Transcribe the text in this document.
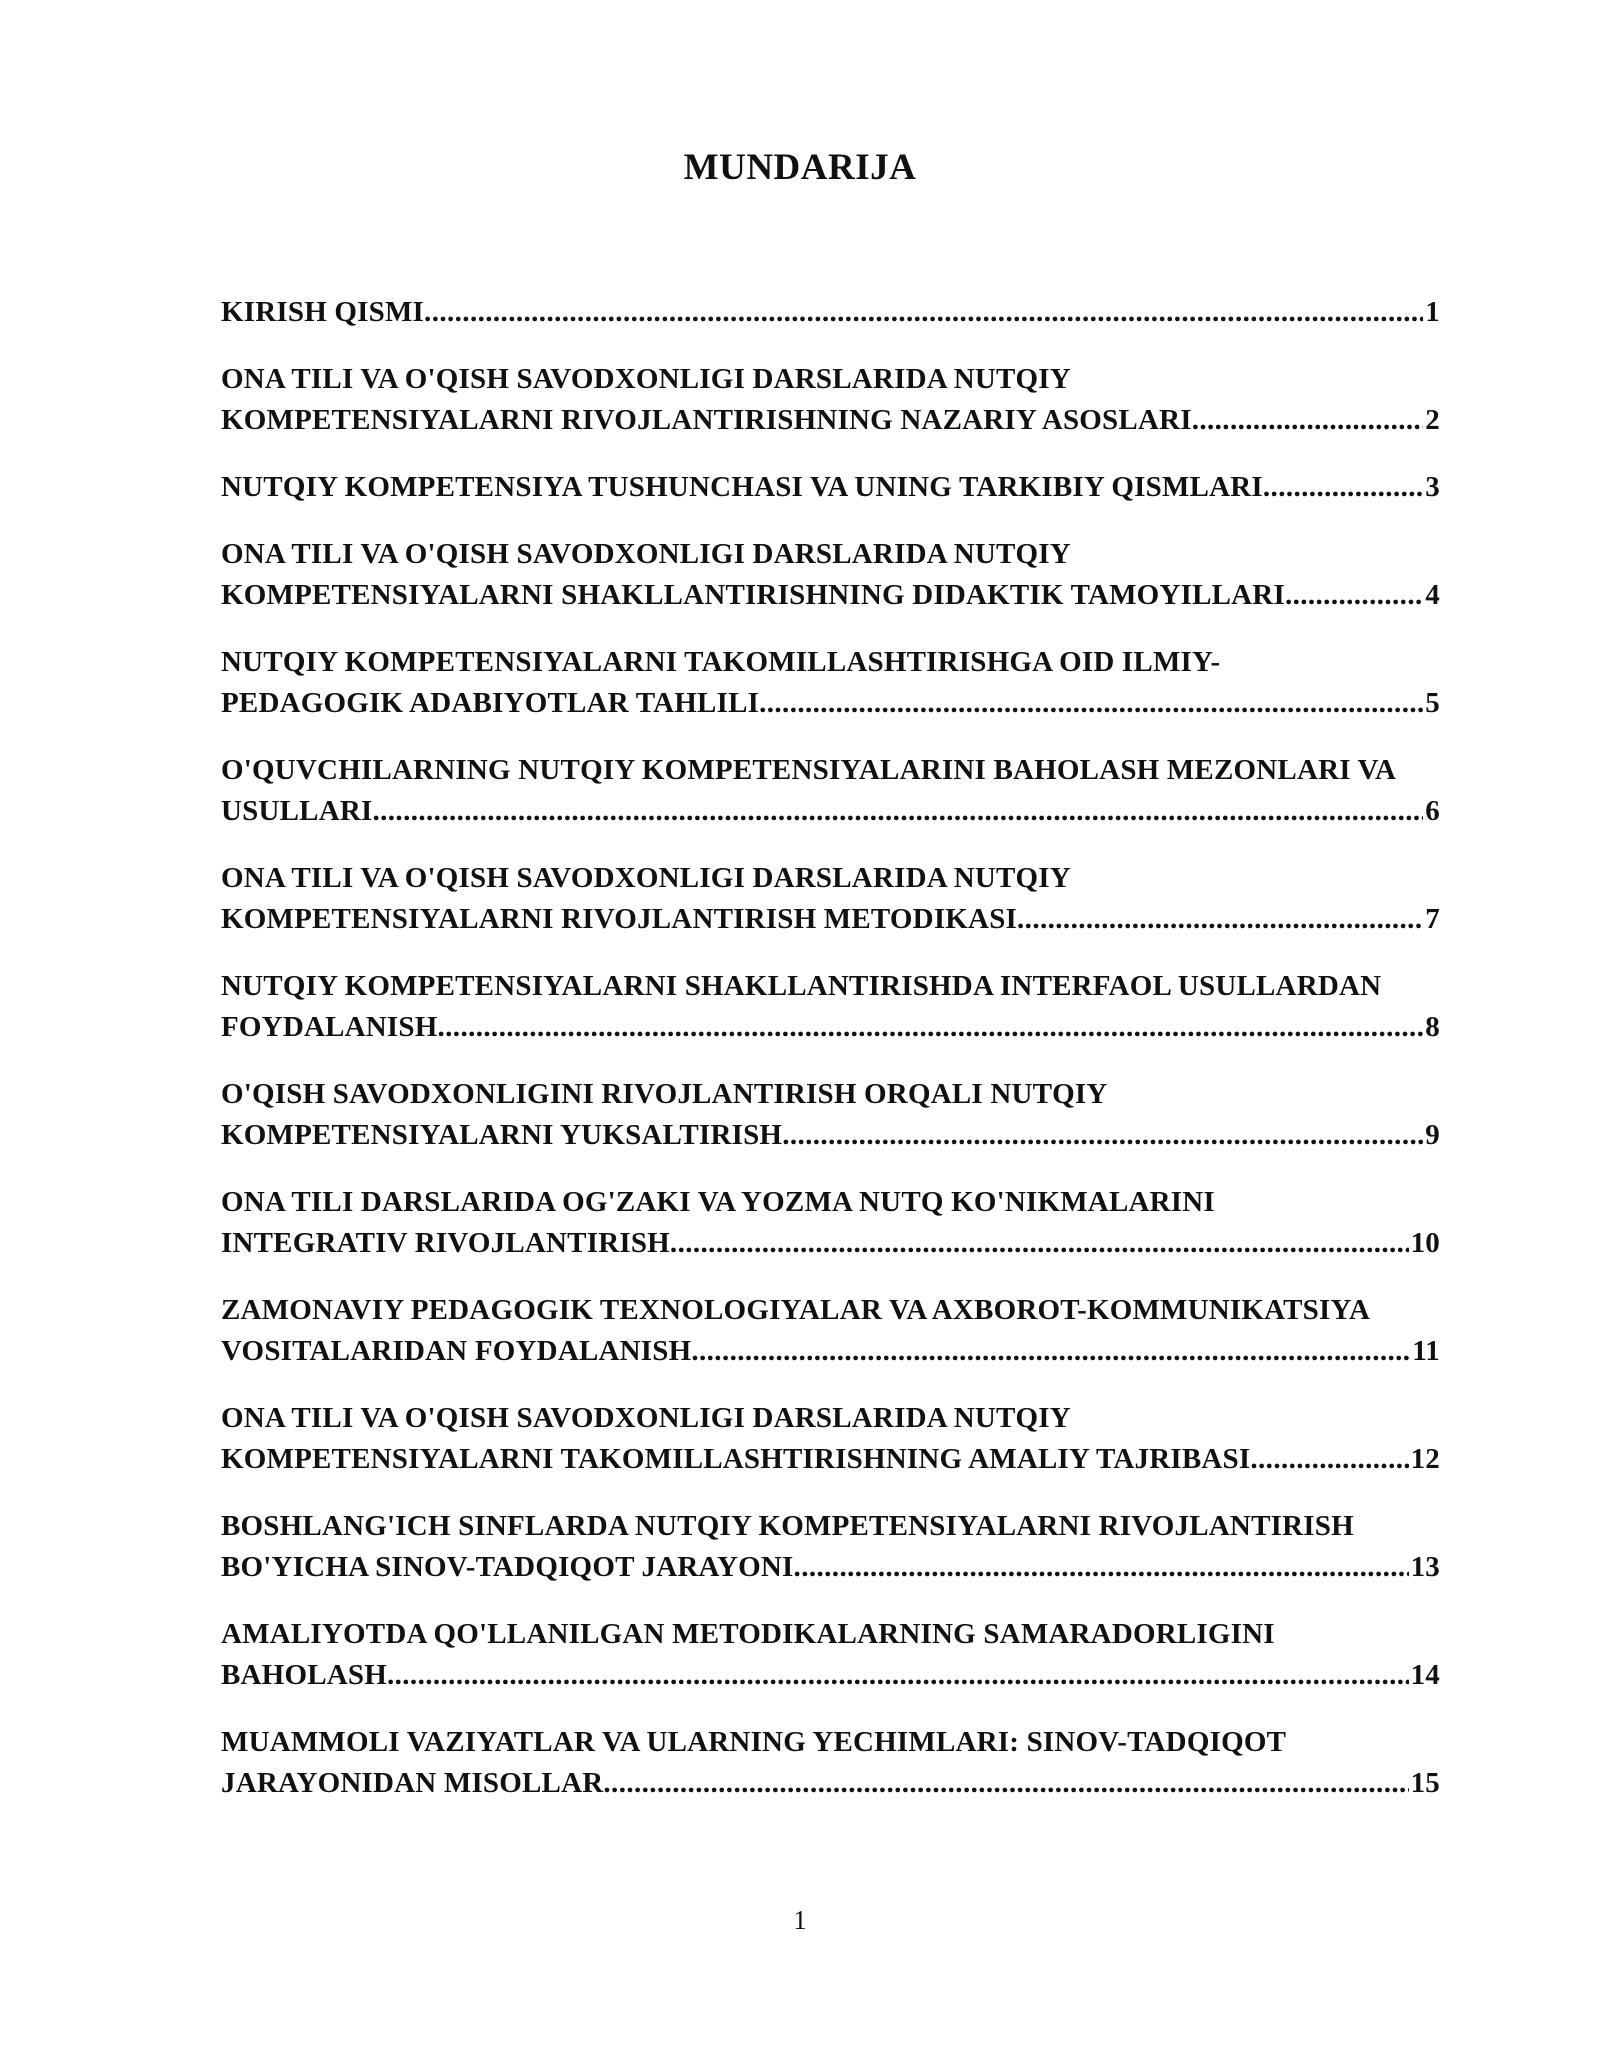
MUNDARIJA
KIRISH QISMI .....	1
ONA TILI VA O'QISH SAVODXONLIGI DARSLARIDA NUTQIY
KOMPETENSIYALARNI RIVOJLANTIRISHNING NAZARIY ASOSLARI .....	2
NUTQIY KOMPETENSIYA TUSHUNCHASI VA UNING TARKIBIY QISMLARI .....	3
ONA TILI VA O'QISH SAVODXONLIGI DARSLARIDA NUTQIY
KOMPETENSIYALARNI SHAKLLANTIRISHNING DIDAKTIK TAMOYILLARI .....	4
NUTQIY KOMPETENSIYALARNI TAKOMILLASHTIRISHGA OID ILMIY-
PEDAGOGIK ADABIYOTLAR TAHLILI .....	5
O'QUVCHILARNING NUTQIY KOMPETENSIYALARINI BAHOLASH MEZONLARI VA
USULLARI .....	6
ONA TILI VA O'QISH SAVODXONLIGI DARSLARIDA NUTQIY
KOMPETENSIYALARNI RIVOJLANTIRISH METODIKASI .....	7
NUTQIY KOMPETENSIYALARNI SHAKLLANTIRISHDA INTERFAOL USULLARDAN
FOYDALANISH .....	8
O'QISH SAVODXONLIGINI RIVOJLANTIRISH ORQALI NUTQIY
KOMPETENSIYALARNI YUKSALTIRISH .....	9
ONA TILI DARSLARIDA OG'ZAKI VA YOZMA NUTQ KO'NIKMALARINI
INTEGRATIV RIVOJLANTIRISH .....	10
ZAMONAVIY PEDAGOGIK TEXNOLOGIYALAR VA AXBOROT-KOMMUNIKATSIYA
VOSITALARIDAN FOYDALANISH .....	11
ONA TILI VA O'QISH SAVODXONLIGI DARSLARIDA NUTQIY
KOMPETENSIYALARNI TAKOMILLASHTIRISHNING AMALIY TAJRIBASI .....	12
BOSHLANG'ICH SINFLARDA NUTQIY KOMPETENSIYALARNI RIVOJLANTIRISH
BO'YICHA SINOV-TADQIQOT JARAYONI .....	13
AMALIYOTDA QO'LLANILGAN METODIKALARNING SAMARADORLIGINI
BAHOLASH .....	14
MUAMMOLI VAZIYATLAR VA ULARNING YECHIMLARI: SINOV-TADQIQOT
JARAYONIDAN MISOLLAR .....	15
1
